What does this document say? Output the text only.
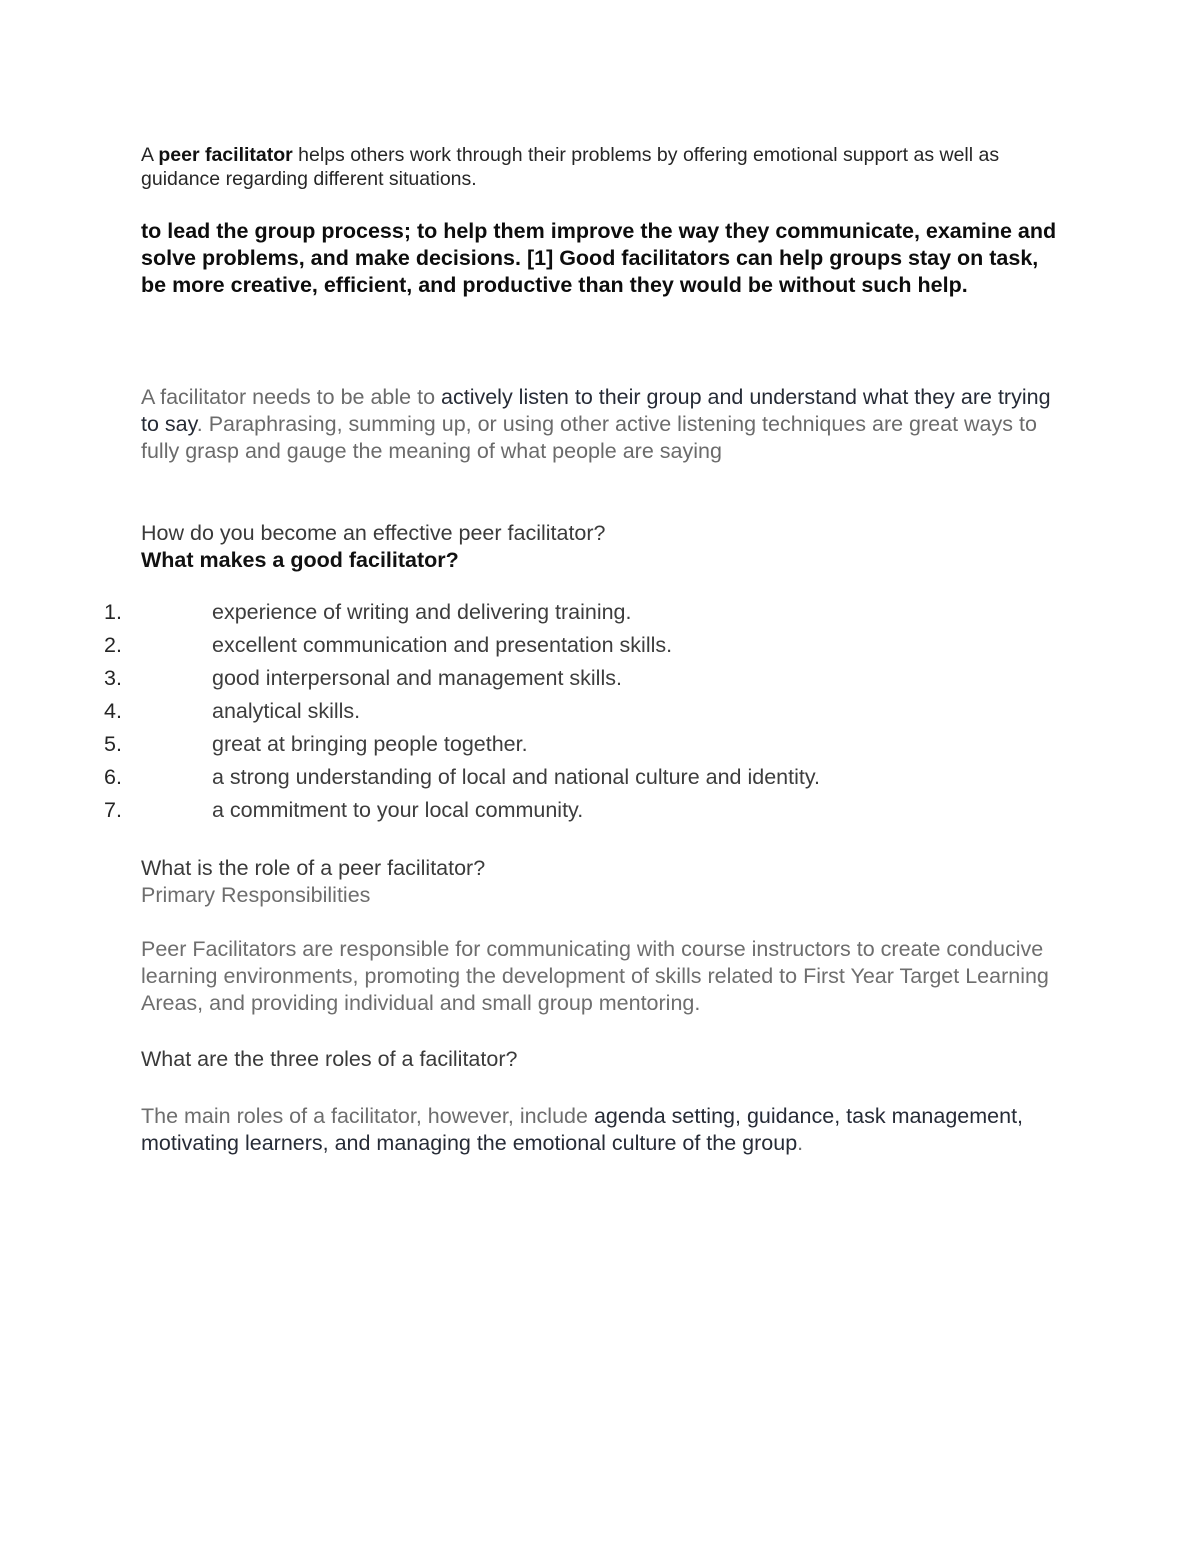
A peer facilitator helps others work through their problems by offering emotional support as well as guidance regarding different situations.
to lead the group process; to help them improve the way they communicate, examine and solve problems, and make decisions. [1] Good facilitators can help groups stay on task, be more creative, efficient, and productive than they would be without such help.
A facilitator needs to be able to actively listen to their group and understand what they are trying to say. Paraphrasing, summing up, or using other active listening techniques are great ways to fully grasp and gauge the meaning of what people are saying
How do you become an effective peer facilitator?
What makes a good facilitator?
1.	experience of writing and delivering training.
2.	excellent communication and presentation skills.
3.	good interpersonal and management skills.
4.	analytical skills.
5.	great at bringing people together.
6.	a strong understanding of local and national culture and identity.
7.	a commitment to your local community.
What is the role of a peer facilitator?
Primary Responsibilities
Peer Facilitators are responsible for communicating with course instructors to create conducive learning environments, promoting the development of skills related to First Year Target Learning Areas, and providing individual and small group mentoring.
What are the three roles of a facilitator?
The main roles of a facilitator, however, include agenda setting, guidance, task management, motivating learners, and managing the emotional culture of the group.
